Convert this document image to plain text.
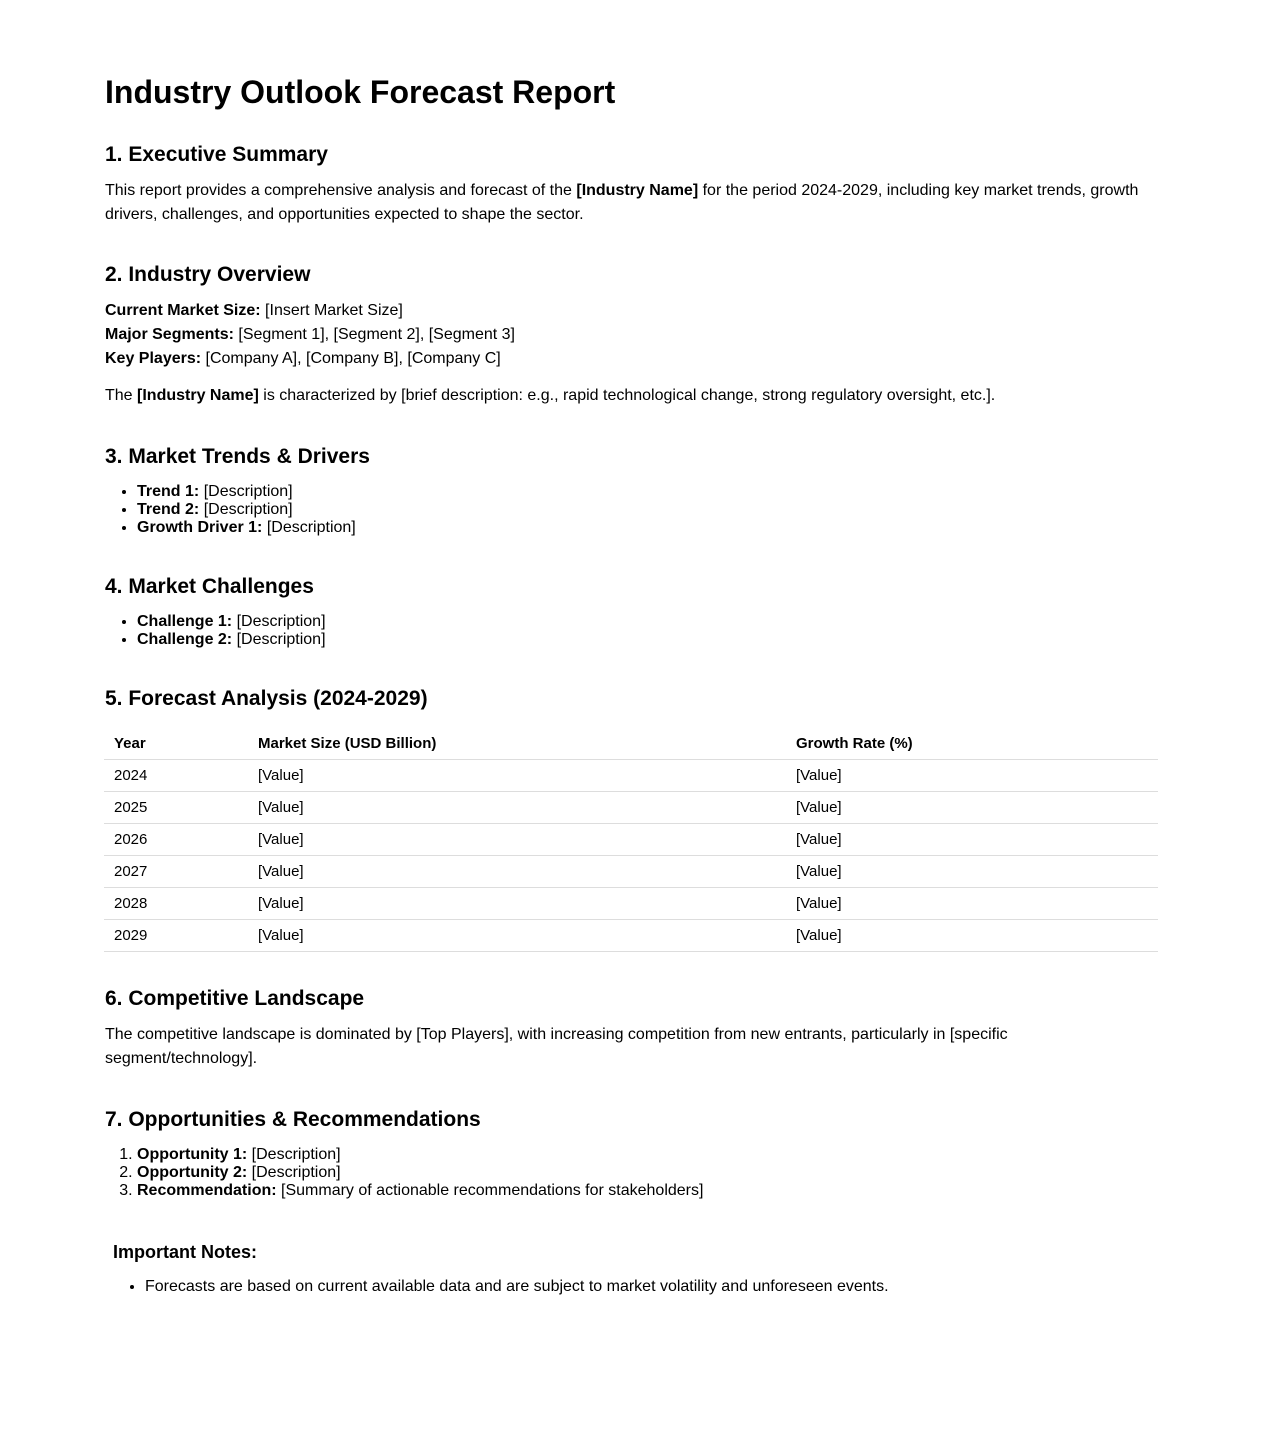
Industry Outlook Forecast Report
1. Executive Summary

This report provides a comprehensive analysis and forecast of the [Industry Name] for the period 2024-2029, including key market trends, growth drivers, challenges, and opportunities expected to shape the sector.

2. Industry Overview
Current Market Size: [Insert Market Size]
Major Segments: [Segment 1], [Segment 2], [Segment 3]
Key Players: [Company A], [Company B], [Company C]

The [Industry Name] is characterized by [brief description: e.g., rapid technological change, strong regulatory oversight, etc.].

3. Market Trends & Drivers
• Trend 1: [Description]
• Trend 2: [Description]
• Growth Driver 1: [Description]
4. Market Challenges
• Challenge 1: [Description]
• Challenge 2: [Description]
5. Forecast Analysis (2024-2029)
Year	Market Size (USD Billion)	Growth Rate (%)
2024	[Value]	[Value]
2025	[Value]	[Value]
2026	[Value]	[Value]
2027	[Value]	[Value]
2028	[Value]	[Value]
2029	[Value]	[Value]
6. Competitive Landscape

The competitive landscape is dominated by [Top Players], with increasing competition from new entrants, particularly in [specific segment/technology].

7. Opportunities & Recommendations
1. Opportunity 1: [Description]
2. Opportunity 2: [Description]
3. Recommendation: [Summary of actionable recommendations for stakeholders]
Important Notes:
• Forecasts are based on current available data and are subject to market volatility and unforeseen events.
